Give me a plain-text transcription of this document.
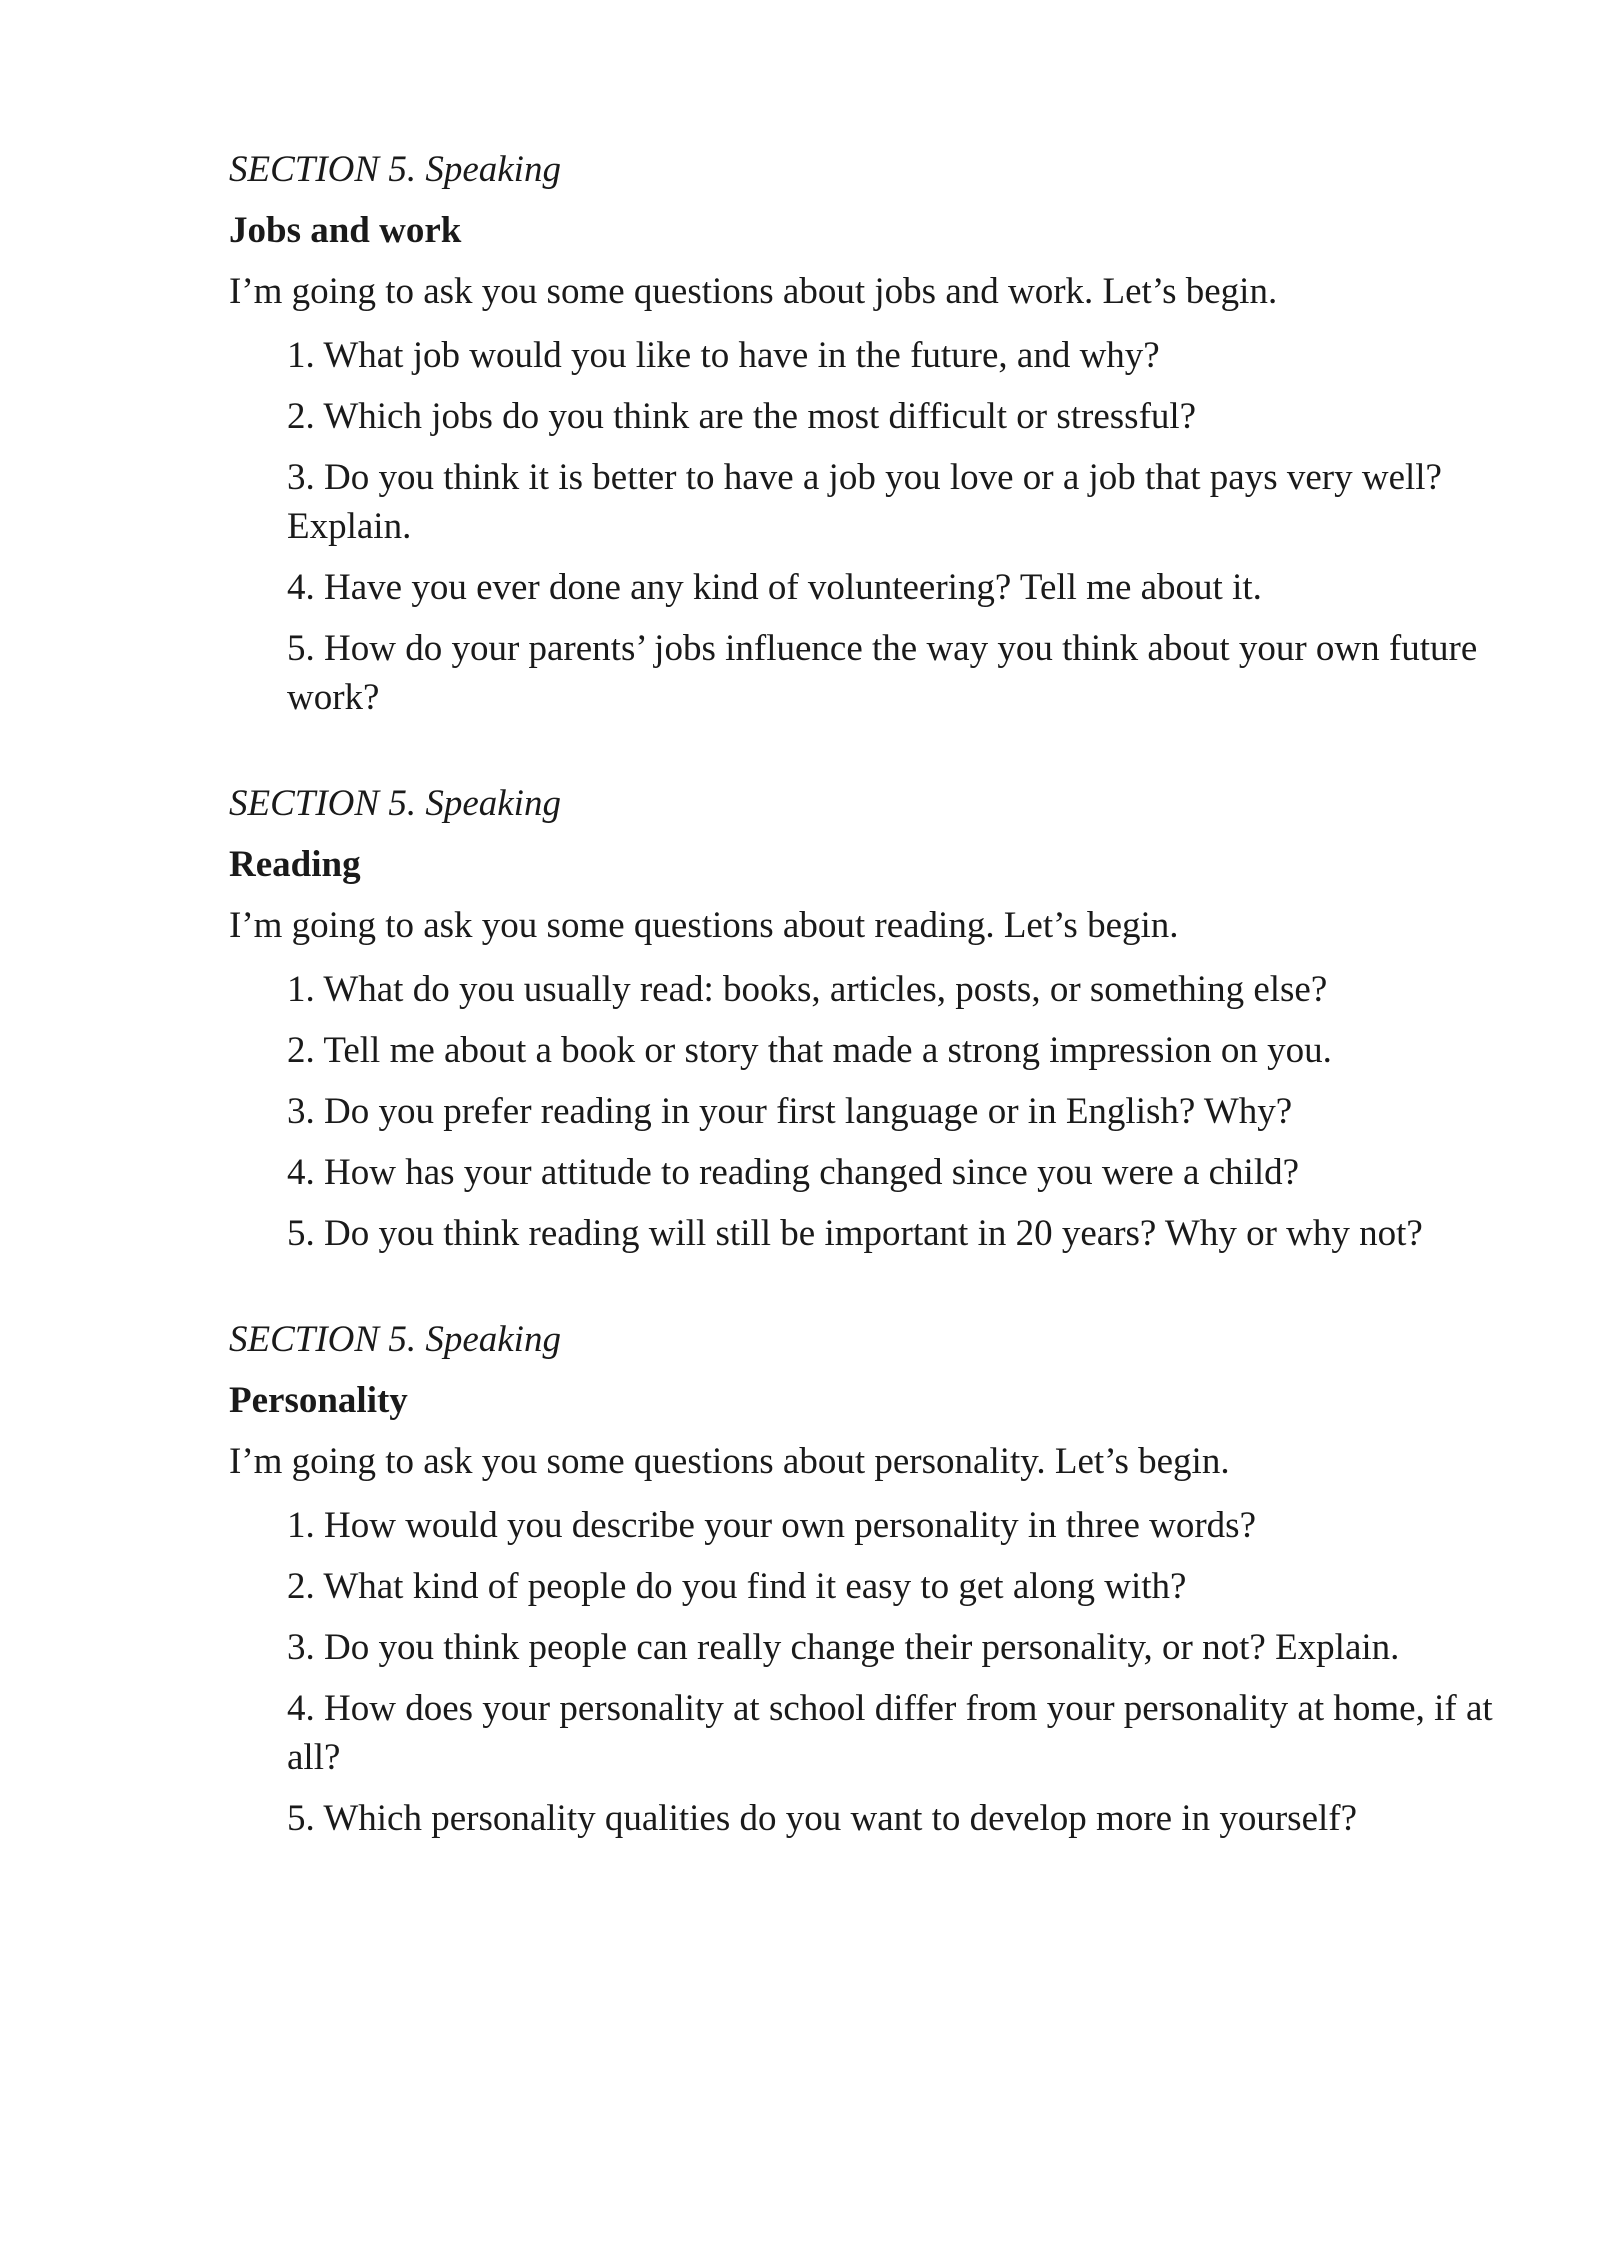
SECTION 5. Speaking

Jobs and work

I’m going to ask you some questions about jobs and work. Let’s begin.

1. What job would you like to have in the future, and why?
2. Which jobs do you think are the most difficult or stressful?
3. Do you think it is better to have a job you love or a job that pays very well? Explain.
4. Have you ever done any kind of volunteering? Tell me about it.
5. How do your parents’ jobs influence the way you think about your own future work?

SECTION 5. Speaking

Reading

I’m going to ask you some questions about reading. Let’s begin.

1. What do you usually read: books, articles, posts, or something else?
2. Tell me about a book or story that made a strong impression on you.
3. Do you prefer reading in your first language or in English? Why?
4. How has your attitude to reading changed since you were a child?
5. Do you think reading will still be important in 20 years? Why or why not?

SECTION 5. Speaking

Personality

I’m going to ask you some questions about personality. Let’s begin.

1. How would you describe your own personality in three words?
2. What kind of people do you find it easy to get along with?
3. Do you think people can really change their personality, or not? Explain.
4. How does your personality at school differ from your personality at home, if at all?
5. Which personality qualities do you want to develop more in yourself?
